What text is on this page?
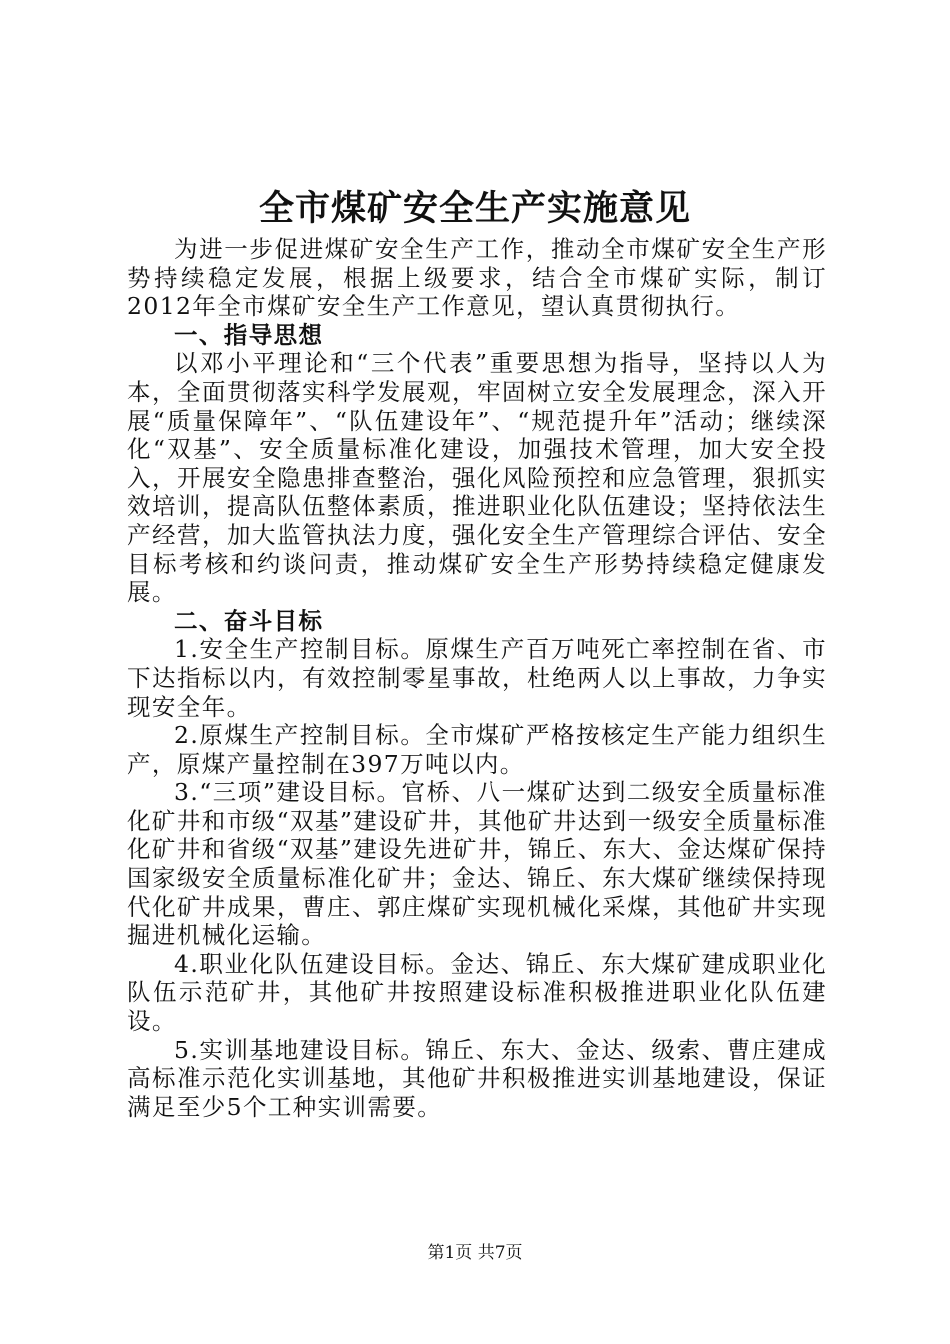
全市煤矿安全生产实施意见

为进一步促进煤矿安全生产工作，推动全市煤矿安全生产形势持续稳定发展，根据上级要求，结合全市煤矿实际，制订2012年全市煤矿安全生产工作意见，望认真贯彻执行。

一、指导思想

以邓小平理论和“三个代表”重要思想为指导，坚持以人为本，全面贯彻落实科学发展观，牢固树立安全发展理念，深入开展“质量保障年”、“队伍建设年”、“规范提升年”活动；继续深化“双基”、安全质量标准化建设，加强技术管理，加大安全投入，开展安全隐患排查整治，强化风险预控和应急管理，狠抓实效培训，提高队伍整体素质，推进职业化队伍建设；坚持依法生产经营，加大监管执法力度，强化安全生产管理综合评估、安全目标考核和约谈问责，推动煤矿安全生产形势持续稳定健康发展。

二、奋斗目标

1.安全生产控制目标。原煤生产百万吨死亡率控制在省、市下达指标以内，有效控制零星事故，杜绝两人以上事故，力争实现安全年。

2.原煤生产控制目标。全市煤矿严格按核定生产能力组织生产，原煤产量控制在397万吨以内。

3.“三项”建设目标。官桥、八一煤矿达到二级安全质量标准化矿井和市级“双基”建设矿井，其他矿井达到一级安全质量标准化矿井和省级“双基”建设先进矿井，锦丘、东大、金达煤矿保持国家级安全质量标准化矿井；金达、锦丘、东大煤矿继续保持现代化矿井成果，曹庄、郭庄煤矿实现机械化采煤，其他矿井实现掘进机械化运输。

4.职业化队伍建设目标。金达、锦丘、东大煤矿建成职业化队伍示范矿井，其他矿井按照建设标准积极推进职业化队伍建设。

5.实训基地建设目标。锦丘、东大、金达、级索、曹庄建成高标准示范化实训基地，其他矿井积极推进实训基地建设，保证满足至少5个工种实训需要。

第1页 共7页
